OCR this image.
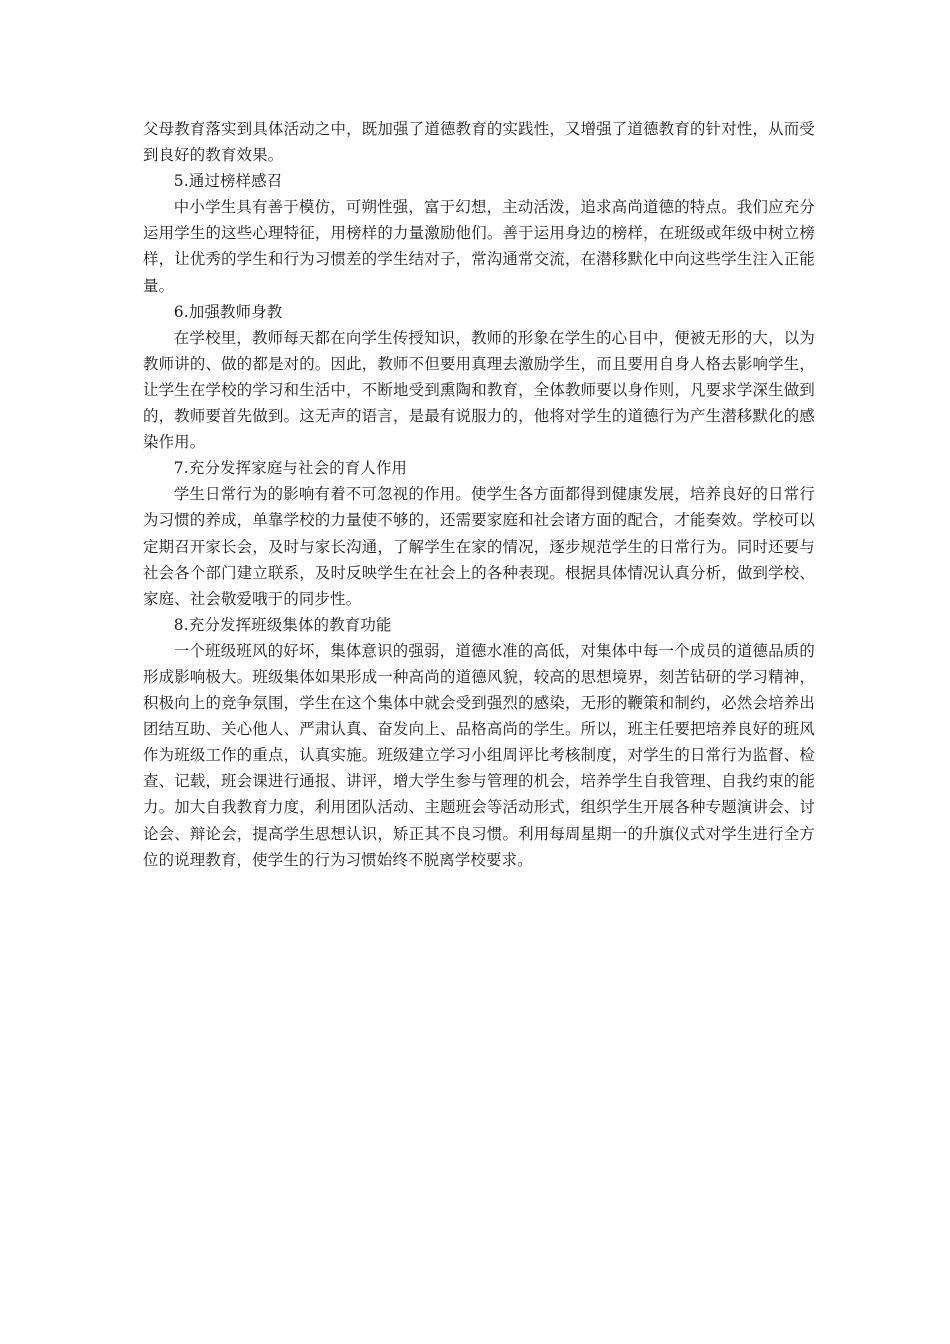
父母教育落实到具体活动之中，既加强了道德教育的实践性，又增强了道德教育的针对性，从而受到良好的教育效果。

5.通过榜样感召

中小学生具有善于模仿，可朔性强，富于幻想，主动活泼，追求高尚道德的特点。我们应充分运用学生的这些心理特征，用榜样的力量激励他们。善于运用身边的榜样，在班级或年级中树立榜样，让优秀的学生和行为习惯差的学生结对子，常沟通常交流，在潜移默化中向这些学生注入正能量。

6.加强教师身教

在学校里，教师每天都在向学生传授知识，教师的形象在学生的心目中，便被无形的大，以为教师讲的、做的都是对的。因此，教师不但要用真理去激励学生，而且要用自身人格去影响学生，让学生在学校的学习和生活中，不断地受到熏陶和教育，全体教师要以身作则，凡要求学深生做到的，教师要首先做到。这无声的语言，是最有说服力的，他将对学生的道德行为产生潜移默化的感染作用。

7.充分发挥家庭与社会的育人作用

学生日常行为的影响有着不可忽视的作用。使学生各方面都得到健康发展，培养良好的日常行为习惯的养成，单靠学校的力量使不够的，还需要家庭和社会诸方面的配合，才能奏效。学校可以定期召开家长会，及时与家长沟通，了解学生在家的情况，逐步规范学生的日常行为。同时还要与社会各个部门建立联系，及时反映学生在社会上的各种表现。根据具体情况认真分析，做到学校、家庭、社会敬爱哦于的同步性。

8.充分发挥班级集体的教育功能

一个班级班风的好坏，集体意识的强弱，道德水准的高低，对集体中每一个成员的道德品质的形成影响极大。班级集体如果形成一种高尚的道德风貌，较高的思想境界，刻苦钻研的学习精神，积极向上的竞争氛围，学生在这个集体中就会受到强烈的感染，无形的鞭策和制约，必然会培养出团结互助、关心他人、严肃认真、奋发向上、品格高尚的学生。所以，班主任要把培养良好的班风作为班级工作的重点，认真实施。班级建立学习小组周评比考核制度，对学生的日常行为监督、检查、记载，班会课进行通报、讲评，增大学生参与管理的机会，培养学生自我管理、自我约束的能力。加大自我教育力度，利用团队活动、主题班会等活动形式，组织学生开展各种专题演讲会、讨论会、辩论会，提高学生思想认识，矫正其不良习惯。利用每周星期一的升旗仪式对学生进行全方位的说理教育，使学生的行为习惯始终不脱离学校要求。
